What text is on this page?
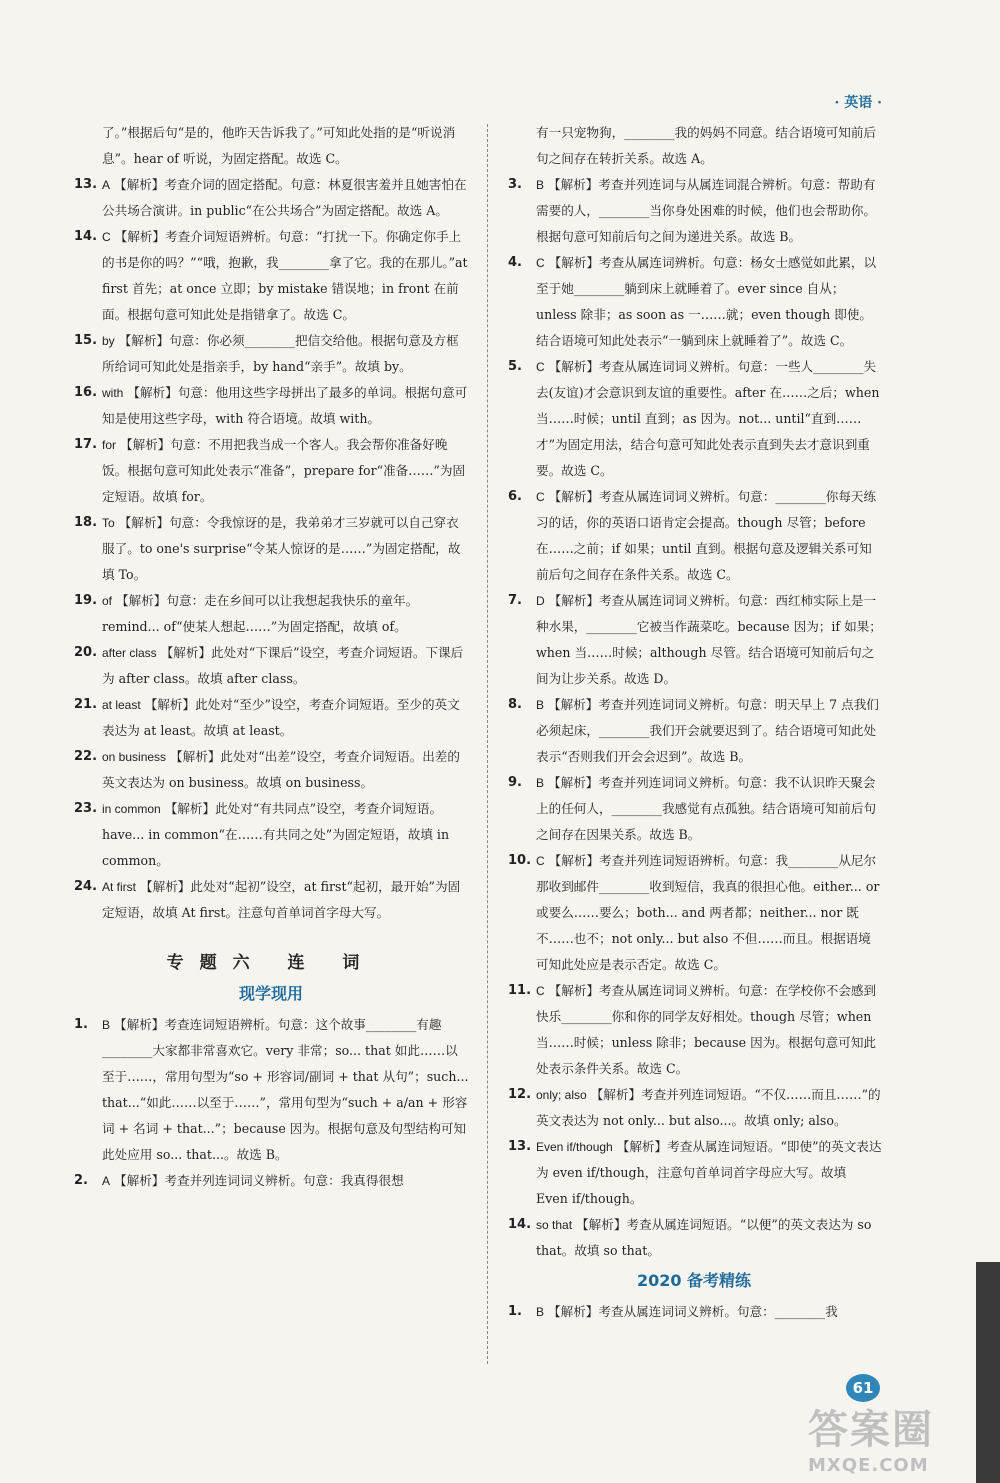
· 英语 ·
了。”根据后句“是的，他昨天告诉我了。”可知此处指的是“听说消息”。hear of 听说，为固定搭配。故选 C。
13. A 【解析】考查介词的固定搭配。句意：林夏很害羞并且她害怕在公共场合演讲。in public“在公共场合”为固定搭配。故选 A。
14. C 【解析】考查介词短语辨析。句意：“打扰一下。你确定你手上的书是你的吗？”“哦，抱歉，我________拿了它。我的在那儿。”at first 首先；at once 立即；by mistake 错误地；in front 在前面。根据句意可知此处是指错拿了。故选 C。
15. by 【解析】句意：你必须________把信交给他。根据句意及方框所给词可知此处是指亲手，by hand“亲手”。故填 by。
16. with 【解析】句意：他用这些字母拼出了最多的单词。根据句意可知是使用这些字母，with 符合语境。故填 with。
17. for 【解析】句意：不用把我当成一个客人。我会帮你准备好晚饭。根据句意可知此处表示“准备”，prepare for“准备……”为固定短语。故填 for。
18. To 【解析】句意：令我惊讶的是，我弟弟才三岁就可以自己穿衣服了。to one's surprise“令某人惊讶的是……”为固定搭配，故填 To。
19. of 【解析】句意：走在乡间可以让我想起我快乐的童年。remind... of“使某人想起……”为固定搭配，故填 of。
20. after class 【解析】此处对“下课后”设空，考查介词短语。下课后为 after class。故填 after class。
21. at least 【解析】此处对“至少”设空，考查介词短语。至少的英文表达为 at least。故填 at least。
22. on business 【解析】此处对“出差”设空，考查介词短语。出差的英文表达为 on business。故填 on business。
23. in common 【解析】此处对“有共同点”设空，考查介词短语。have... in common“在……有共同之处”为固定短语，故填 in common。
24. At first 【解析】此处对“起初”设空，at first“起初，最开始”为固定短语，故填 At first。注意句首单词首字母大写。
专题六 连 词
现学现用
1. B 【解析】考查连词短语辨析。句意：这个故事________有趣________大家都非常喜欢它。very 非常；so... that 如此……以至于……，常用句型为“so + 形容词/副词 + that 从句”；such... that...“如此……以至于……”，常用句型为“such + a/an + 形容词 + 名词 + that...”；because 因为。根据句意及句型结构可知此处应用 so... that...。故选 B。
2. A 【解析】考查并列连词词义辨析。句意：我真得很想
有一只宠物狗，________我的妈妈不同意。结合语境可知前后句之间存在转折关系。故选 A。
3. B 【解析】考查并列连词与从属连词混合辨析。句意：帮助有需要的人，________当你身处困难的时候，他们也会帮助你。根据句意可知前后句之间为递进关系。故选 B。
4. C 【解析】考查从属连词辨析。句意：杨女士感觉如此累，以至于她________躺到床上就睡着了。ever since 自从；unless 除非；as soon as 一……就；even though 即使。结合语境可知此处表示“一躺到床上就睡着了”。故选 C。
5. C 【解析】考查从属连词词义辨析。句意：一些人________失去(友谊)才会意识到友谊的重要性。after 在……之后；when 当……时候；until 直到；as 因为。not... until“直到……才”为固定用法，结合句意可知此处表示直到失去才意识到重要。故选 C。
6. C 【解析】考查从属连词词义辨析。句意：________你每天练习的话，你的英语口语肯定会提高。though 尽管；before 在……之前；if 如果；until 直到。根据句意及逻辑关系可知前后句之间存在条件关系。故选 C。
7. D 【解析】考查从属连词词义辨析。句意：西红柿实际上是一种水果，________它被当作蔬菜吃。because 因为；if 如果；when 当……时候；although 尽管。结合语境可知前后句之间为让步关系。故选 D。
8. B 【解析】考查并列连词词义辨析。句意：明天早上 7 点我们必须起床，________我们开会就要迟到了。结合语境可知此处表示“否则我们开会会迟到”。故选 B。
9. B 【解析】考查并列连词词义辨析。句意：我不认识昨天聚会上的任何人，________我感觉有点孤独。结合语境可知前后句之间存在因果关系。故选 B。
10. C 【解析】考查并列连词短语辨析。句意：我________从尼尔那收到邮件________收到短信，我真的很担心他。either... or 或要么……要么；both... and 两者都；neither... nor 既不……也不；not only... but also 不但……而且。根据语境可知此处应是表示否定。故选 C。
11. C 【解析】考查从属连词词义辨析。句意：在学校你不会感到快乐________你和你的同学友好相处。though 尽管；when 当……时候；unless 除非；because 因为。根据句意可知此处表示条件关系。故选 C。
12. only; also 【解析】考查并列连词短语。“不仅……而且……”的英文表达为 not only... but also...。故填 only; also。
13. Even if/though 【解析】考查从属连词短语。“即使”的英文表达为 even if/though，注意句首单词首字母应大写。故填 Even if/though。
14. so that 【解析】考查从属连词短语。“以便”的英文表达为 so that。故填 so that。
2020 备考精练
1. B 【解析】考查从属连词词义辨析。句意：________我
61
答案圈
MXQE.COM
